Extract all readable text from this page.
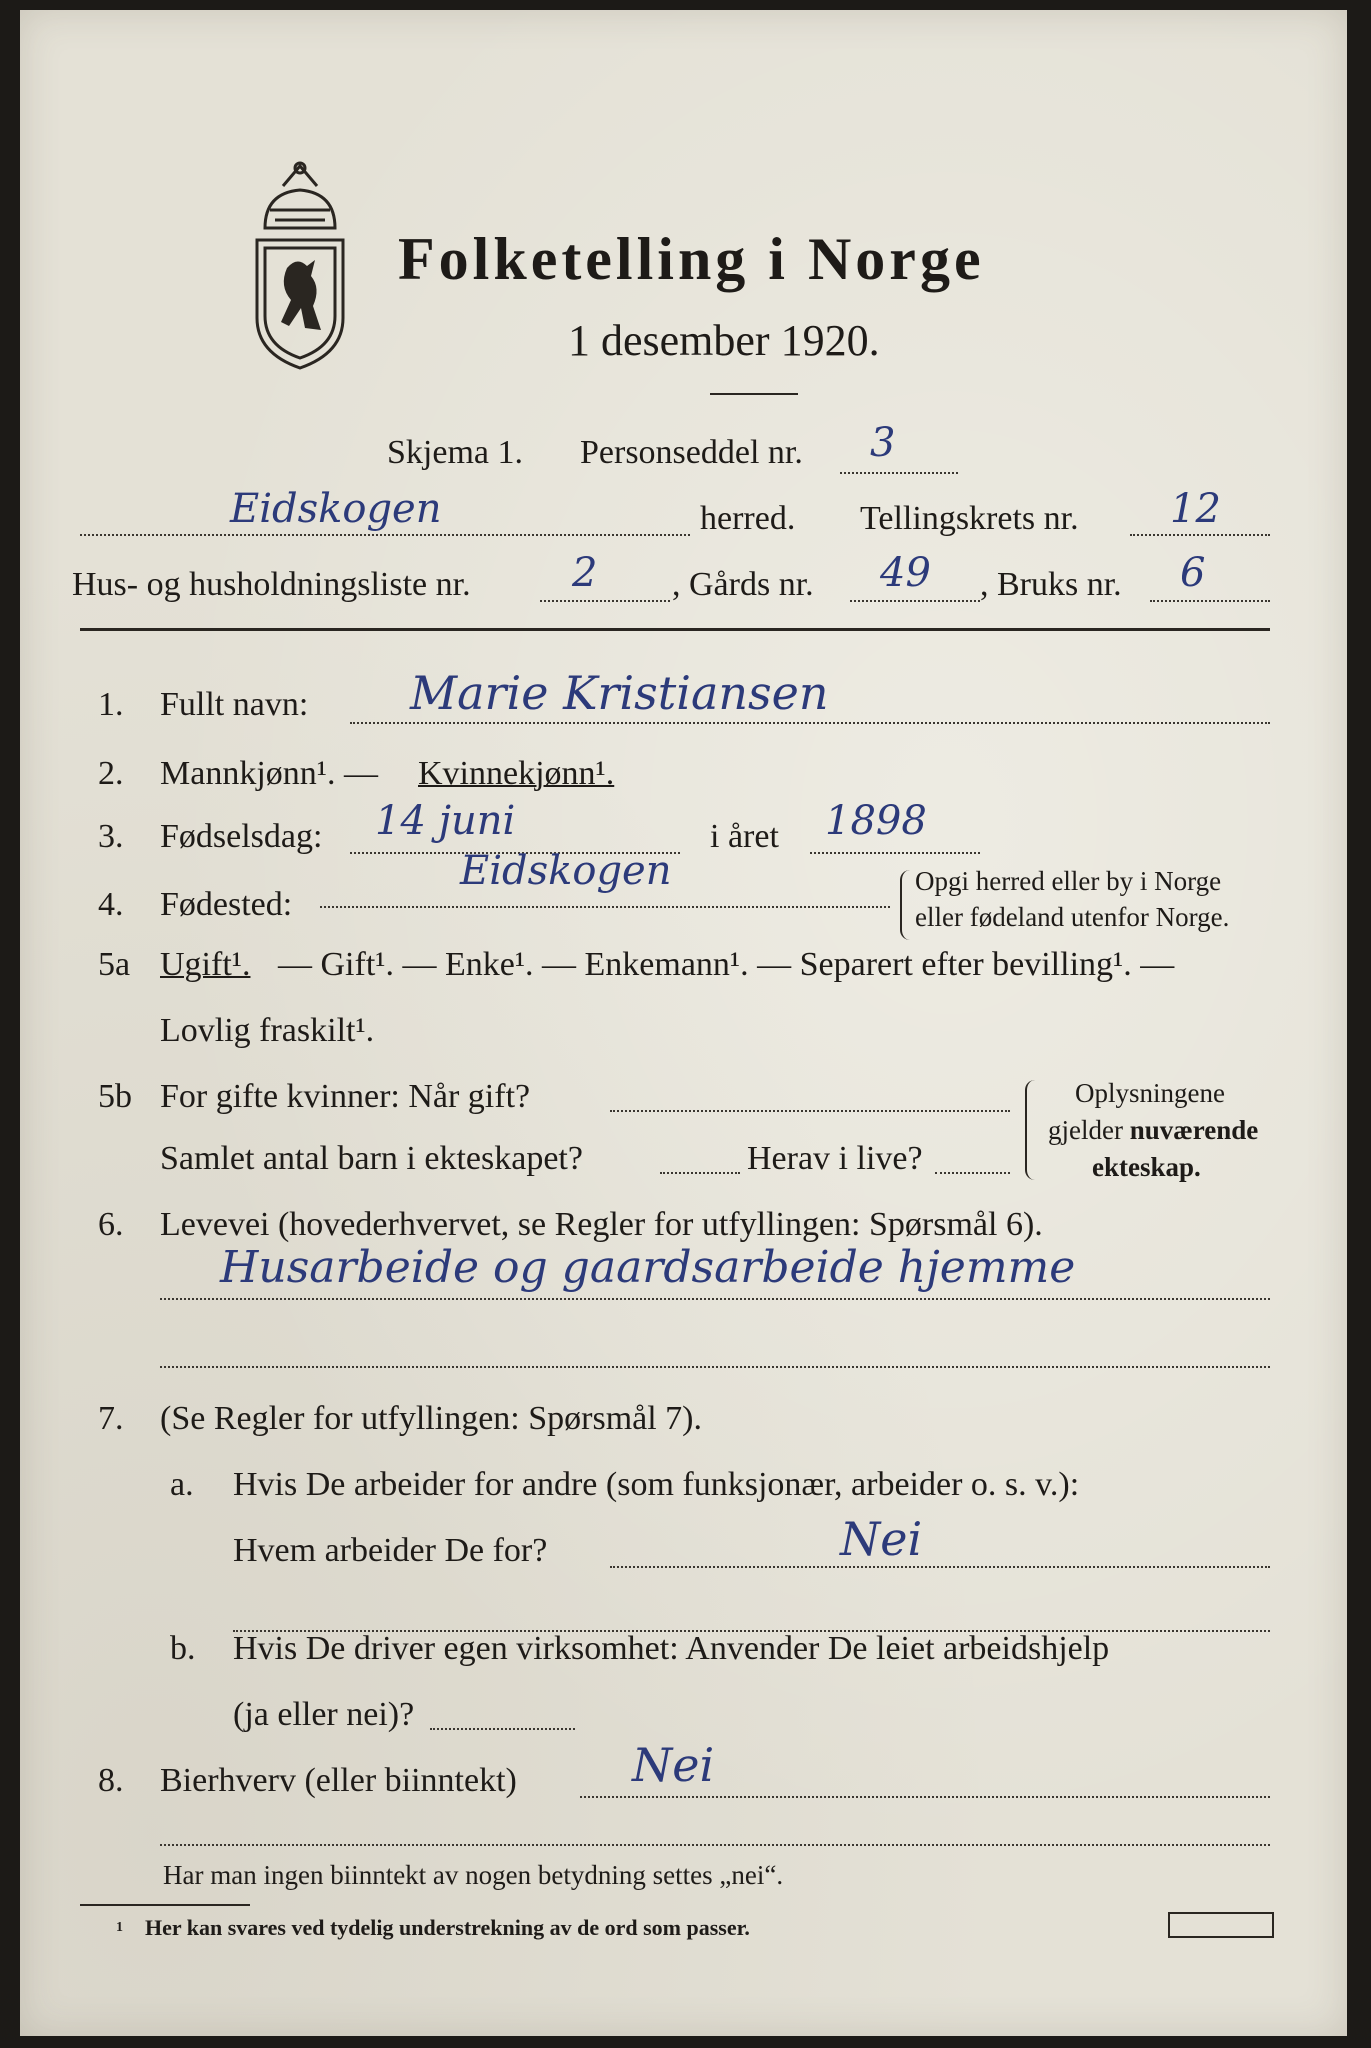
Folketelling i Norge
1 desember 1920.
Skjema 1. Personseddel nr. 3
Eidskogen	herred. Tellingskrets nr. 12
Hus- og husholdningsliste nr.	2 , Gårds nr. 49 , Bruks nr. 6
1. Fullt navn: Marie Kristiansen
2. Mannkjønn¹. — Kvinnekjønn¹.
3. Fødselsdag: 14 juni	i året 1898
4. Fødested:
Eidskogen	Opgi herred eller by i Norge
eller fødeland utenfor Norge.
5a Ugift¹. — Gift¹. — Enke¹. — Enkemann¹. — Separert efter bevilling¹. —
Lovlig fraskilt¹.
5b For gifte kvinner: Når gift?
Samlet antal barn i ekteskapet?	Herav i live?
Oplysningene
gjelder nuværende
ekteskap.
6. Levevei (hovederhvervet, se Regler for utfyllingen: Spørsmål 6).
Husarbeide og gaardsarbeide hjemme
7. (Se Regler for utfyllingen: Spørsmål 7).
a. Hvis De arbeider for andre (som funksjonær, arbeider o. s. v.):
Hvem arbeider De for?	Nei
b. Hvis De driver egen virksomhet: Anvender De leiet arbeidshjelp
(ja eller nei)?
8. Bierhverv (eller biinntekt)	Nei
Har man ingen biinntekt av nogen betydning settes „nei“.
1 Her kan svares ved tydelig understrekning av de ord som passer.
